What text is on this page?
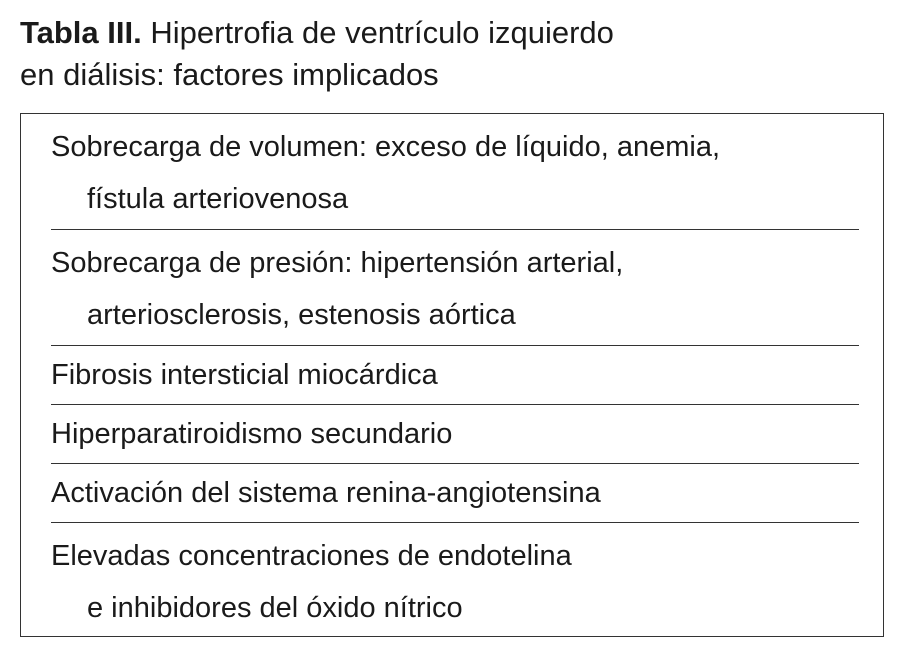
Tabla III. Hipertrofia de ventrículo izquierdo
en diálisis: factores implicados
Sobrecarga de volumen: exceso de líquido, anemia,
fístula arteriovenosa
Sobrecarga de presión: hipertensión arterial,
arteriosclerosis, estenosis aórtica
Fibrosis intersticial miocárdica
Hiperparatiroidismo secundario
Activación del sistema renina-angiotensina
Elevadas concentraciones de endotelina
e inhibidores del óxido nítrico
